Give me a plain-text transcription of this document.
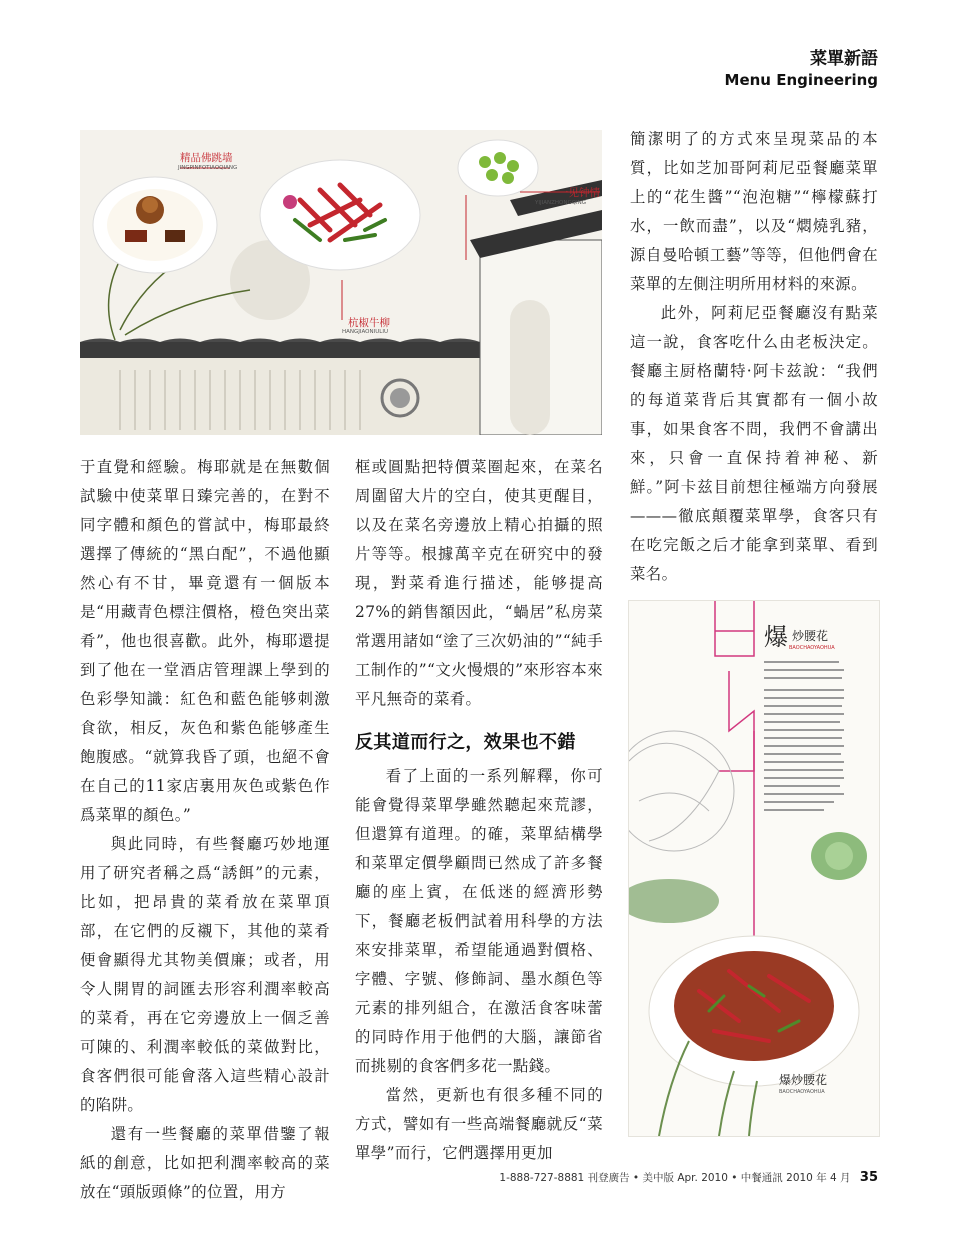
菜單新語
Menu Engineering
精品佛跳墙
JINGPINFOTIAOQIANG
一见钟情
YIJIANZHONGQING
杭椒牛柳
HANGJIAONIULIU

于直覺和經驗。梅耶就是在無數個試驗中使菜單日臻完善的，在對不同字體和顏色的嘗試中，梅耶最終選擇了傳統的“黑白配”，不過他顯然心有不甘，畢竟還有一個版本是“用藏青色標注價格，橙色突出菜肴”，他也很喜歡。此外，梅耶還提到了他在一堂酒店管理課上學到的色彩學知識：紅色和藍色能够刺激食欲，相反，灰色和紫色能够產生飽腹感。“就算我昏了頭，也絕不會在自己的11家店裏用灰色或紫色作爲菜單的顏色。”

與此同時，有些餐廳巧妙地運用了研究者稱之爲“誘餌”的元素，比如，把昂貴的菜肴放在菜單頂部，在它們的反襯下，其他的菜肴便會顯得尤其物美價廉；或者，用令人開胃的詞匯去形容利潤率較高的菜肴，再在它旁邊放上一個乏善可陳的、利潤率較低的菜做對比，食客們很可能會落入這些精心設計的陷阱。

還有一些餐廳的菜單借鑒了報紙的創意，比如把利潤率較高的菜放在“頭版頭條”的位置，用方

框或圓點把特價菜圈起來，在菜名周圍留大片的空白，使其更醒目，以及在菜名旁邊放上精心拍攝的照片等等。根據萬辛克在研究中的發現，對菜肴進行描述，能够提高27%的銷售額因此，“蝸居”私房菜常選用諸如“塗了三次奶油的”“純手工制作的”“文火慢煨的”來形容本來平凡無奇的菜肴。

反其道而行之，效果也不錯

看了上面的一系列解釋，你可能會覺得菜單學雖然聽起來荒謬，但還算有道理。的確，菜單結構學和菜單定價學顧問已然成了許多餐廳的座上賓，在低迷的經濟形勢下，餐廳老板們試着用科學的方法來安排菜單，希望能通過對價格、字體、字號、修飾詞、墨水顏色等元素的排列組合，在激活食客味蕾的同時作用于他們的大腦，讓節省而挑剔的食客們多花一點錢。

當然，更新也有很多種不同的方式，譬如有一些高端餐廳就反“菜單學”而行，它們選擇用更加

簡潔明了的方式來呈現菜品的本質，比如芝加哥阿莉尼亞餐廳菜單上的“花生醬”“泡泡糖”“檸檬蘇打水，一飲而盡”，以及“燜燒乳豬，源自曼哈頓工藝”等等，但他們會在菜單的左側注明所用材料的來源。

此外，阿莉尼亞餐廳沒有點菜這一說，食客吃什么由老板決定。餐廳主厨格蘭特·阿卡兹說：“我們的每道菜背后其實都有一個小故事，如果食客不問，我們不會講出來，只會一直保持着神秘、新鮮。”阿卡兹目前想往極端方向發展———徹底顛覆菜單學，食客只有在吃完飯之后才能拿到菜單、看到菜名。

爆 炒腰花
BAOCHAOYAOHUA
爆炒腰花
BAOCHAOYAOHUA
1-888-727-8881 刊登廣告 • 美中版 Apr. 2010 • 中餐通訊 2010 年 4 月 35
